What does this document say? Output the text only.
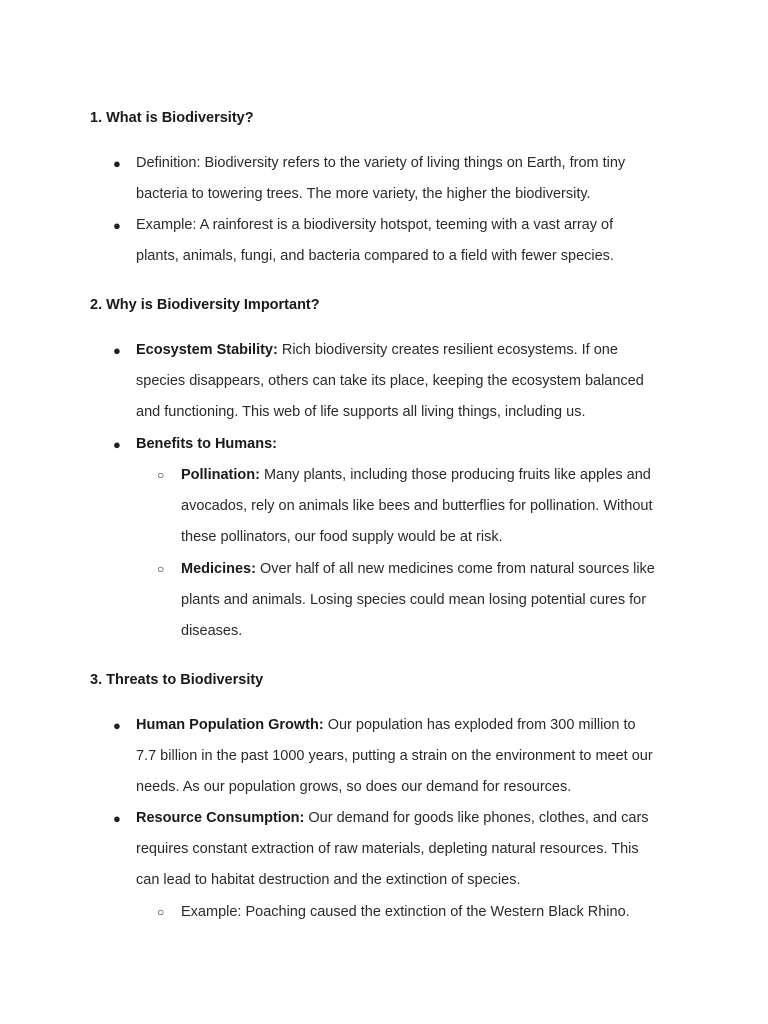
1. What is Biodiversity?
● Definition: Biodiversity refers to the variety of living things on Earth, from tiny
bacteria to towering trees. The more variety, the higher the biodiversity.
● Example: A rainforest is a biodiversity hotspot, teeming with a vast array of
plants, animals, fungi, and bacteria compared to a field with fewer species.
2. Why is Biodiversity Important?
● Ecosystem Stability: Rich biodiversity creates resilient ecosystems. If one
species disappears, others can take its place, keeping the ecosystem balanced
and functioning. This web of life supports all living things, including us.
● Benefits to Humans:
○ Pollination: Many plants, including those producing fruits like apples and
avocados, rely on animals like bees and butterflies for pollination. Without
these pollinators, our food supply would be at risk.
○ Medicines: Over half of all new medicines come from natural sources like
plants and animals. Losing species could mean losing potential cures for
diseases.
3. Threats to Biodiversity
● Human Population Growth: Our population has exploded from 300 million to
7.7 billion in the past 1000 years, putting a strain on the environment to meet our
needs. As our population grows, so does our demand for resources.
● Resource Consumption: Our demand for goods like phones, clothes, and cars
requires constant extraction of raw materials, depleting natural resources. This
can lead to habitat destruction and the extinction of species.
○ Example: Poaching caused the extinction of the Western Black Rhino.
